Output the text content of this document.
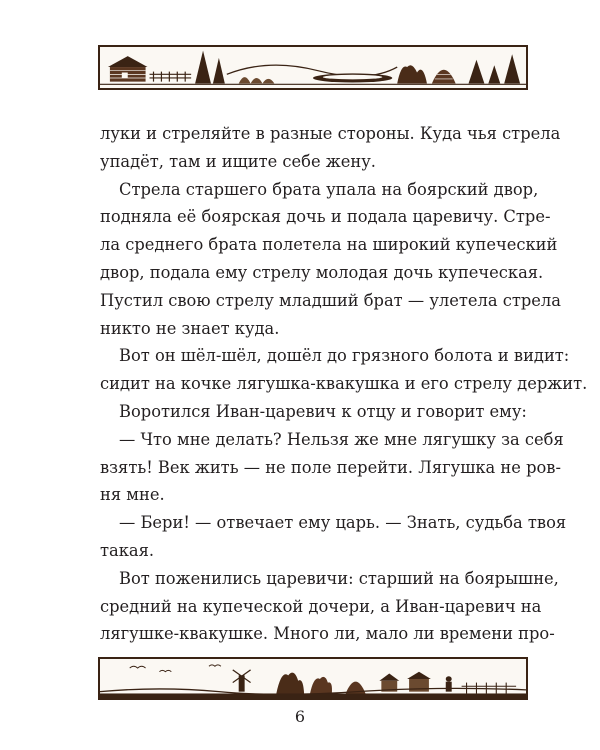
луки и стреляйте в разные стороны. Куда чья стрела
упадёт, там и ищите себе жену.
Стрела старшего брата упала на боярский двор,
подняла её боярская дочь и подала царевичу. Стре-
ла среднего брата полетела на широкий купеческий
двор, подала ему стрелу молодая дочь купеческая.
Пустил свою стрелу младший брат — улетела стрела
никто не знает куда.
Вот он шёл-шёл, дошёл до грязного болота и видит:
сидит на кочке лягушка-квакушка и его стрелу держит.
Воротился Иван-царевич к отцу и говорит ему:
— Что мне делать? Нельзя же мне лягушку за себя
взять! Век жить — не поле перейти. Лягушка не ров-
ня мне.
— Бери! — отвечает ему царь. — Знать, судьба твоя
такая.
Вот поженились царевичи: старший на боярышне,
средний на купеческой дочери, а Иван-царевич на
лягушке-квакушке. Много ли, мало ли времени про-
6
